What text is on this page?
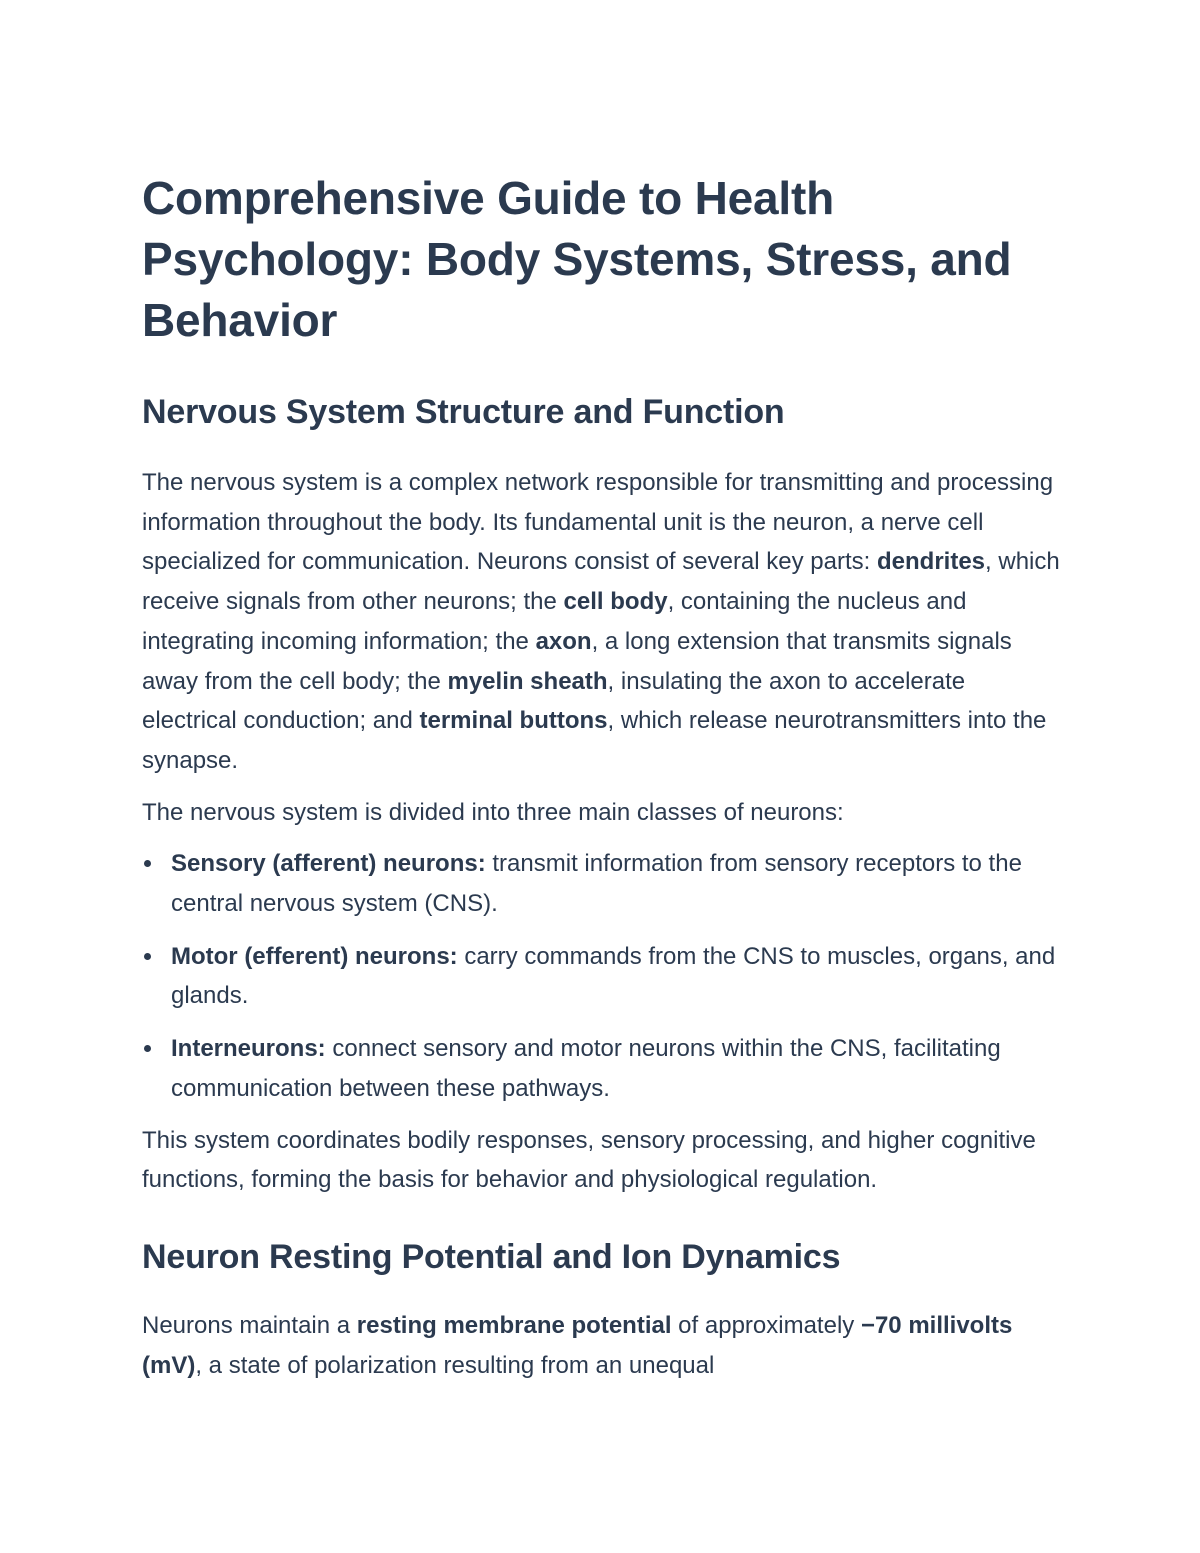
Comprehensive Guide to Health Psychology: Body Systems, Stress, and Behavior
Nervous System Structure and Function

The nervous system is a complex network responsible for transmitting and processing information throughout the body. Its fundamental unit is the neuron, a nerve cell specialized for communication. Neurons consist of several key parts: dendrites, which receive signals from other neurons; the cell body, containing the nucleus and integrating incoming information; the axon, a long extension that transmits signals away from the cell body; the myelin sheath, insulating the axon to accelerate electrical conduction; and terminal buttons, which release neurotransmitters into the synapse.

The nervous system is divided into three main classes of neurons:

Sensory (afferent) neurons: transmit information from sensory receptors to the central nervous system (CNS).
Motor (efferent) neurons: carry commands from the CNS to muscles, organs, and glands.
Interneurons: connect sensory and motor neurons within the CNS, facilitating communication between these pathways.

This system coordinates bodily responses, sensory processing, and higher cognitive functions, forming the basis for behavior and physiological regulation.

Neuron Resting Potential and Ion Dynamics

Neurons maintain a resting membrane potential of approximately −70 millivolts (mV), a state of polarization resulting from an unequal
